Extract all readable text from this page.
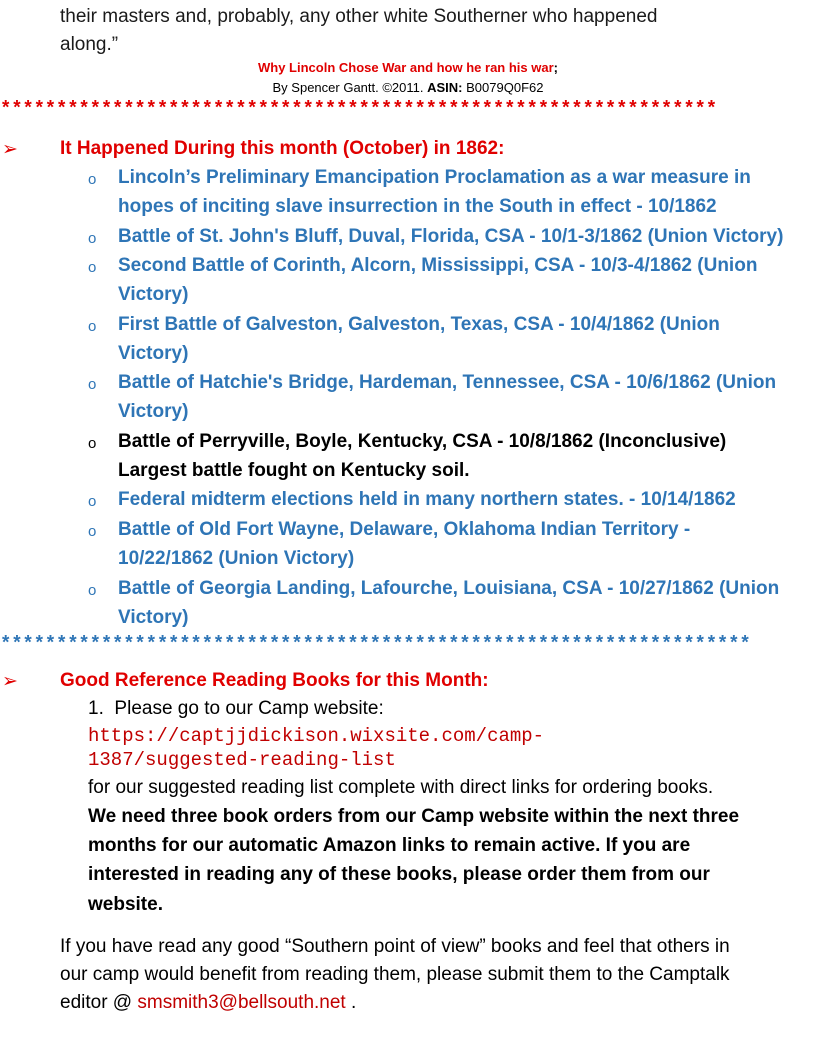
their masters and, probably, any other white Southerner who happened
along.”
Why Lincoln Chose War and how he ran his war;
By Spencer Gantt. ©2011. ASIN: B0079Q0F62
****************************************************************
➢ It Happened During this month (October) in 1862:
o Lincoln’s Preliminary Emancipation Proclamation as a war measure in
hopes of inciting slave insurrection in the South in effect - 10/1862
o Battle of St. John's Bluff, Duval, Florida, CSA - 10/1-3/1862 (Union Victory)
o Second Battle of Corinth, Alcorn, Mississippi, CSA - 10/3-4/1862 (Union
Victory)
o First Battle of Galveston, Galveston, Texas, CSA - 10/4/1862 (Union
Victory)
o Battle of Hatchie's Bridge, Hardeman, Tennessee, CSA - 10/6/1862 (Union
Victory)
o Battle of Perryville, Boyle, Kentucky, CSA - 10/8/1862 (Inconclusive)
Largest battle fought on Kentucky soil.
o Federal midterm elections held in many northern states. - 10/14/1862
o Battle of Old Fort Wayne, Delaware, Oklahoma Indian Territory -
10/22/1862 (Union Victory)
o Battle of Georgia Landing, Lafourche, Louisiana, CSA - 10/27/1862 (Union
Victory)
*******************************************************************
➢ Good Reference Reading Books for this Month:
1. Please go to our Camp website:
https://captjjdickison.wixsite.com/camp-
1387/suggested-reading-list
for our suggested reading list complete with direct links for ordering books.
We need three book orders from our Camp website within the next three
months for our automatic Amazon links to remain active. If you are
interested in reading any of these books, please order them from our
website.
If you have read any good “Southern point of view” books and feel that others in
our camp would benefit from reading them, please submit them to the Camptalk
editor @ smsmith3@bellsouth.net .
